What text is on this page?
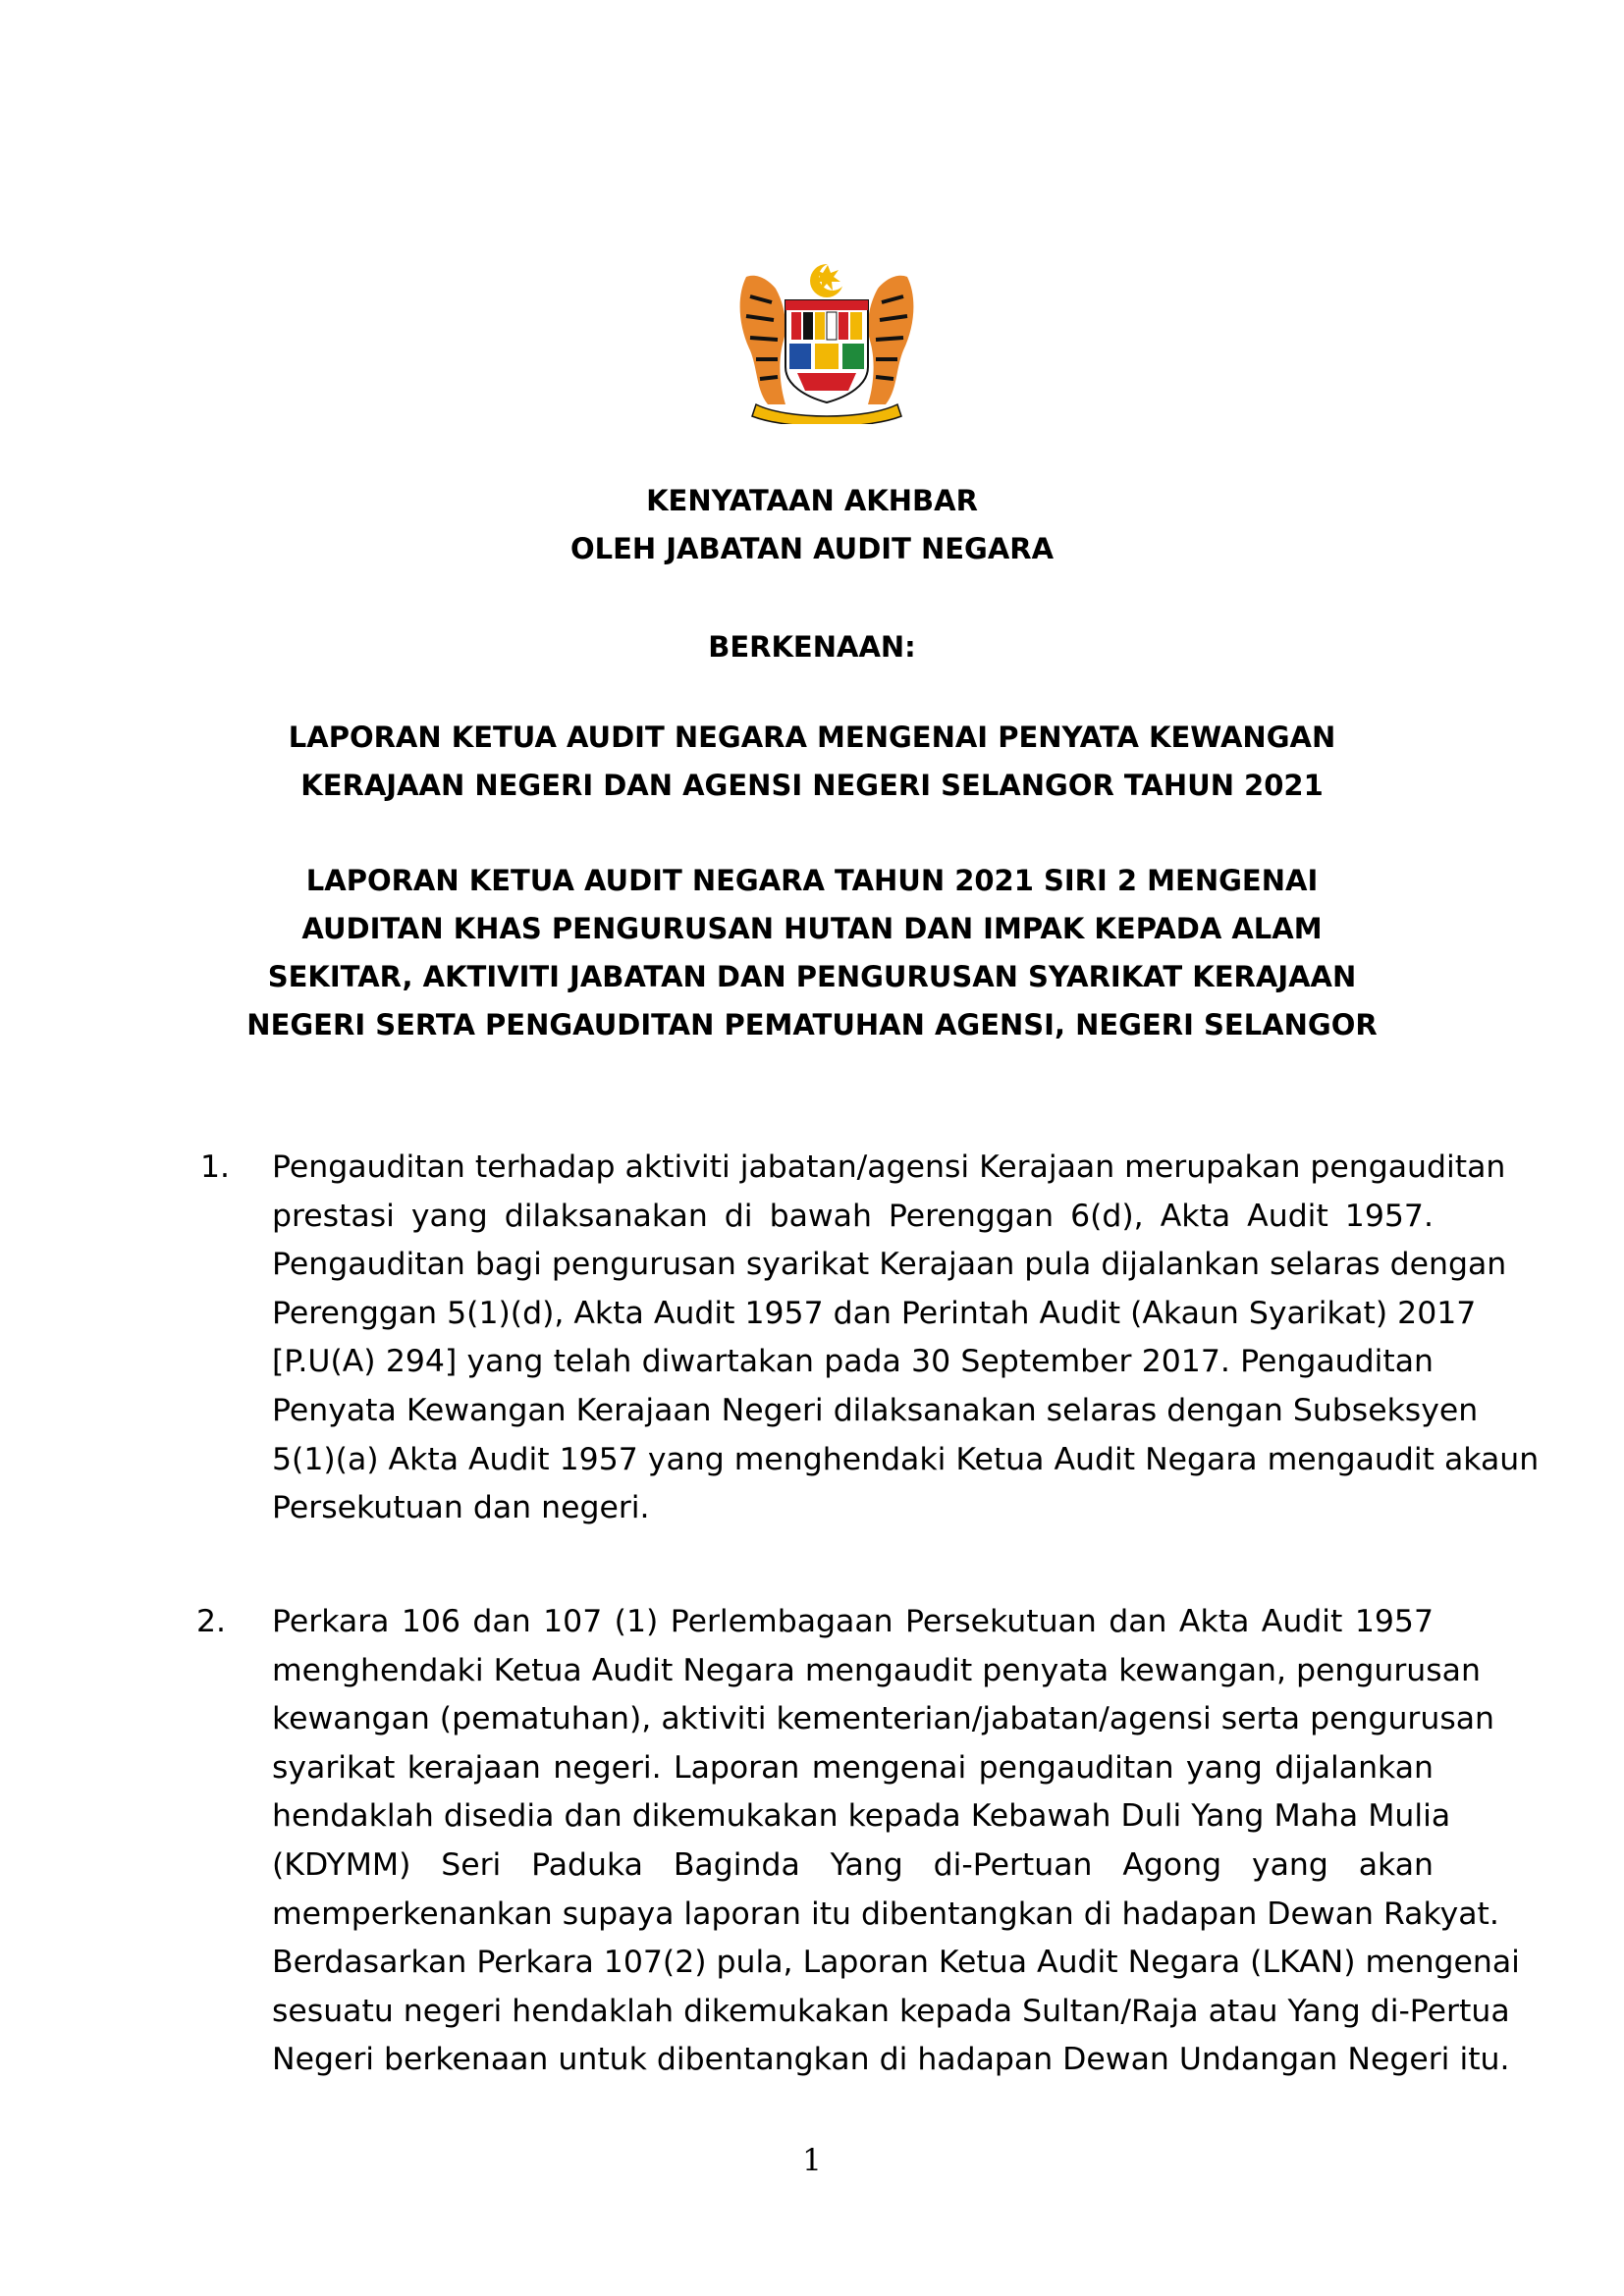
KENYATAAN AKHBAR
OLEH JABATAN AUDIT NEGARA
BERKENAAN:
LAPORAN KETUA AUDIT NEGARA MENGENAI PENYATA KEWANGAN
KERAJAAN NEGERI DAN AGENSI NEGERI SELANGOR TAHUN 2021
LAPORAN KETUA AUDIT NEGARA TAHUN 2021 SIRI 2 MENGENAI
AUDITAN KHAS PENGURUSAN HUTAN DAN IMPAK KEPADA ALAM
SEKITAR, AKTIVITI JABATAN DAN PENGURUSAN SYARIKAT KERAJAAN
NEGERI SERTA PENGAUDITAN PEMATUHAN AGENSI, NEGERI SELANGOR
1. Pengauditan terhadap aktiviti jabatan/agensi Kerajaan merupakan pengauditan
prestasi yang dilaksanakan di bawah Perenggan 6(d), Akta Audit 1957.
Pengauditan bagi pengurusan syarikat Kerajaan pula dijalankan selaras dengan
Perenggan 5(1)(d), Akta Audit 1957 dan Perintah Audit (Akaun Syarikat) 2017
[P.U(A) 294] yang telah diwartakan pada 30 September 2017. Pengauditan
Penyata Kewangan Kerajaan Negeri dilaksanakan selaras dengan Subseksyen
5(1)(a) Akta Audit 1957 yang menghendaki Ketua Audit Negara mengaudit akaun
Persekutuan dan negeri.
2. Perkara 106 dan 107 (1) Perlembagaan Persekutuan dan Akta Audit 1957
menghendaki Ketua Audit Negara mengaudit penyata kewangan, pengurusan
kewangan (pematuhan), aktiviti kementerian/jabatan/agensi serta pengurusan
syarikat kerajaan negeri. Laporan mengenai pengauditan yang dijalankan
hendaklah disedia dan dikemukakan kepada Kebawah Duli Yang Maha Mulia
(KDYMM) Seri Paduka Baginda Yang di-Pertuan Agong yang akan
memperkenankan supaya laporan itu dibentangkan di hadapan Dewan Rakyat.
Berdasarkan Perkara 107(2) pula, Laporan Ketua Audit Negara (LKAN) mengenai
sesuatu negeri hendaklah dikemukakan kepada Sultan/Raja atau Yang di-Pertua
Negeri berkenaan untuk dibentangkan di hadapan Dewan Undangan Negeri itu.
1
